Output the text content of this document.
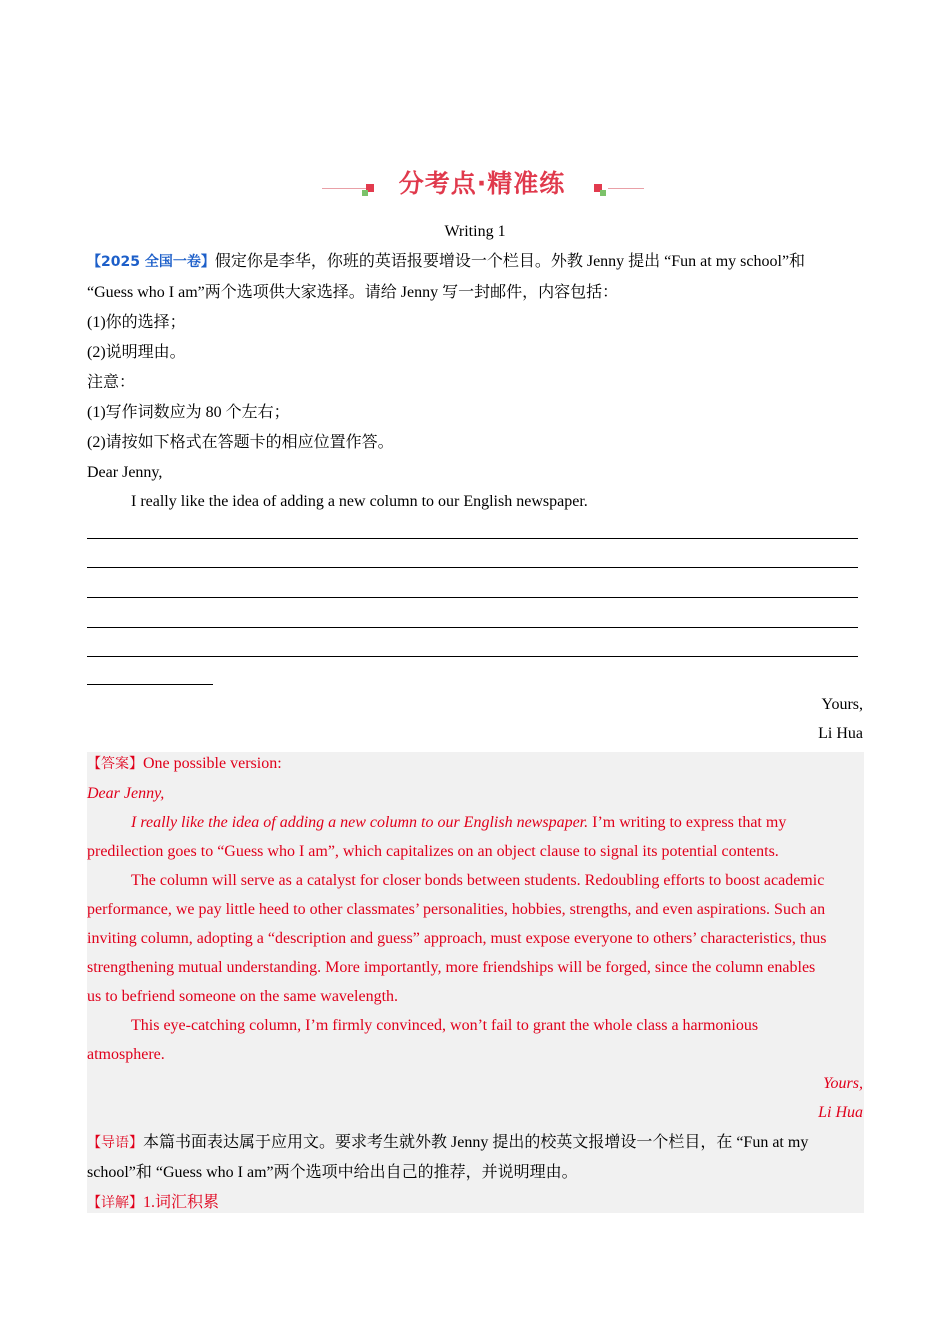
分考点·精准练
Writing 1
【2025 全国一卷】假定你是李华，你班的英语报要增设一个栏目。外教 Jenny 提出 “Fun at my school”和
“Guess who I am”两个选项供大家选择。请给 Jenny 写一封邮件，内容包括：
(1)你的选择；
(2)说明理由。
注意：
(1)写作词数应为 80 个左右；
(2)请按如下格式在答题卡的相应位置作答。
Dear Jenny,
I really like the idea of adding a new column to our English newspaper.
Yours,
Li Hua
【答案】One possible version:
Dear Jenny,
I really like the idea of adding a new column to our English newspaper. I’m writing to express that my
predilection goes to “Guess who I am”, which capitalizes on an object clause to signal its potential contents.
The column will serve as a catalyst for closer bonds between students. Redoubling efforts to boost academic
performance, we pay little heed to other classmates’ personalities, hobbies, strengths, and even aspirations. Such an
inviting column, adopting a “description and guess” approach, must expose everyone to others’ characteristics, thus
strengthening mutual understanding. More importantly, more friendships will be forged, since the column enables
us to befriend someone on the same wavelength.
This eye-catching column, I’m firmly convinced, won’t fail to grant the whole class a harmonious
atmosphere.
Yours,
Li Hua
【导语】本篇书面表达属于应用文。要求考生就外教 Jenny 提出的校英文报增设一个栏目，在 “Fun at my
school”和 “Guess who I am”两个选项中给出自己的推荐，并说明理由。
【详解】1.词汇积累
